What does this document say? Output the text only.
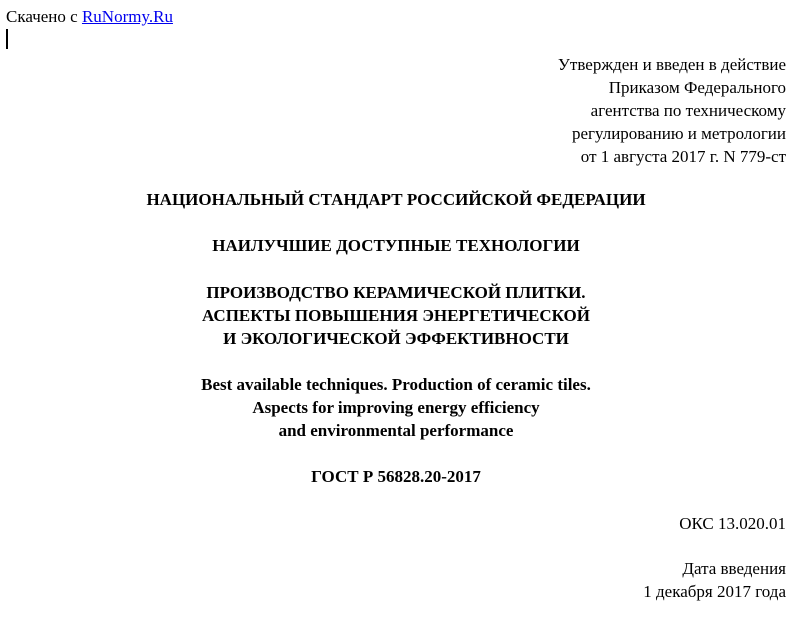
Скачено с RuNormy.Ru
Утвержден и введен в действие
Приказом Федерального
агентства по техническому
регулированию и метрологии
от 1 августа 2017 г. N 779-ст
НАЦИОНАЛЬНЫЙ СТАНДАРТ РОССИЙСКОЙ ФЕДЕРАЦИИ
НАИЛУЧШИЕ ДОСТУПНЫЕ ТЕХНОЛОГИИ
ПРОИЗВОДСТВО КЕРАМИЧЕСКОЙ ПЛИТКИ.
АСПЕКТЫ ПОВЫШЕНИЯ ЭНЕРГЕТИЧЕСКОЙ
И ЭКОЛОГИЧЕСКОЙ ЭФФЕКТИВНОСТИ
Best available techniques. Production of ceramic tiles.
Aspects for improving energy efficiency
and environmental performance
ГОСТ Р 56828.20-2017
ОКС 13.020.01
Дата введения
1 декабря 2017 года
